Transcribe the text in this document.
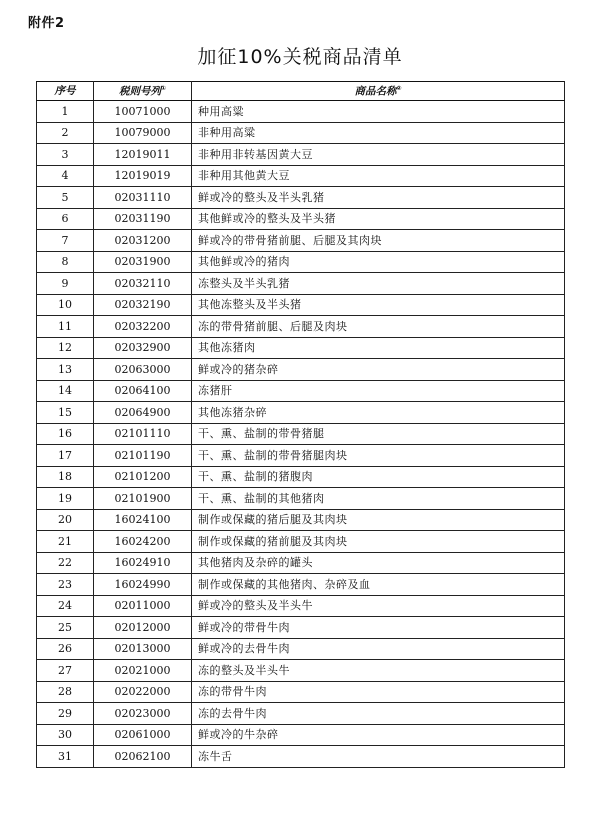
附件2
加征10%关税商品清单
序号	税则号列①	商品名称②
1	10071000	种用高粱
2	10079000	非种用高粱
3	12019011	非种用非转基因黄大豆
4	12019019	非种用其他黄大豆
5	02031110	鲜或冷的整头及半头乳猪
6	02031190	其他鲜或冷的整头及半头猪
7	02031200	鲜或冷的带骨猪前腿、后腿及其肉块
8	02031900	其他鲜或冷的猪肉
9	02032110	冻整头及半头乳猪
10	02032190	其他冻整头及半头猪
11	02032200	冻的带骨猪前腿、后腿及肉块
12	02032900	其他冻猪肉
13	02063000	鲜或冷的猪杂碎
14	02064100	冻猪肝
15	02064900	其他冻猪杂碎
16	02101110	干、熏、盐制的带骨猪腿
17	02101190	干、熏、盐制的带骨猪腿肉块
18	02101200	干、熏、盐制的猪腹肉
19	02101900	干、熏、盐制的其他猪肉
20	16024100	制作或保藏的猪后腿及其肉块
21	16024200	制作或保藏的猪前腿及其肉块
22	16024910	其他猪肉及杂碎的罐头
23	16024990	制作或保藏的其他猪肉、杂碎及血
24	02011000	鲜或冷的整头及半头牛
25	02012000	鲜或冷的带骨牛肉
26	02013000	鲜或冷的去骨牛肉
27	02021000	冻的整头及半头牛
28	02022000	冻的带骨牛肉
29	02023000	冻的去骨牛肉
30	02061000	鲜或冷的牛杂碎
31	02062100	冻牛舌
